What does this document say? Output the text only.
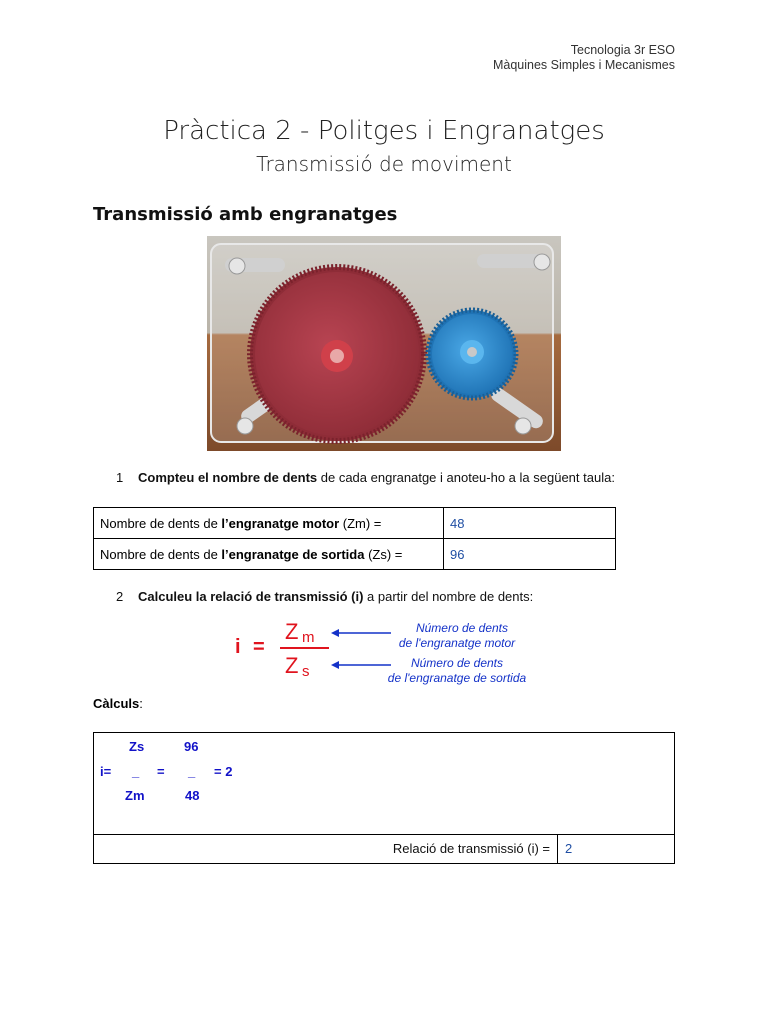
Tecnologia 3r ESO
Màquines Simples i Mecanismes
Pràctica 2 - Politges i Engranatges
Transmissió de moviment
Transmissió amb engranatges
1 Compteu el nombre de dents de cada engranatge i anoteu-ho a la següent taula:
Nombre de dents de l’engranatge motor (Zm) =	48
Nombre de dents de l’engranatge de sortida (Zs) =	96
2 Calculeu la relació de transmissió (i) a partir del nombre de dents:
i =
Z m
Z s
Número de dents
de l'engranatge motor
Número de dents
de l'engranatge de sortida
Càlculs:
Zs	96
i= _ = _ = 2
Zm	48
Relació de transmissió (i) = 2
